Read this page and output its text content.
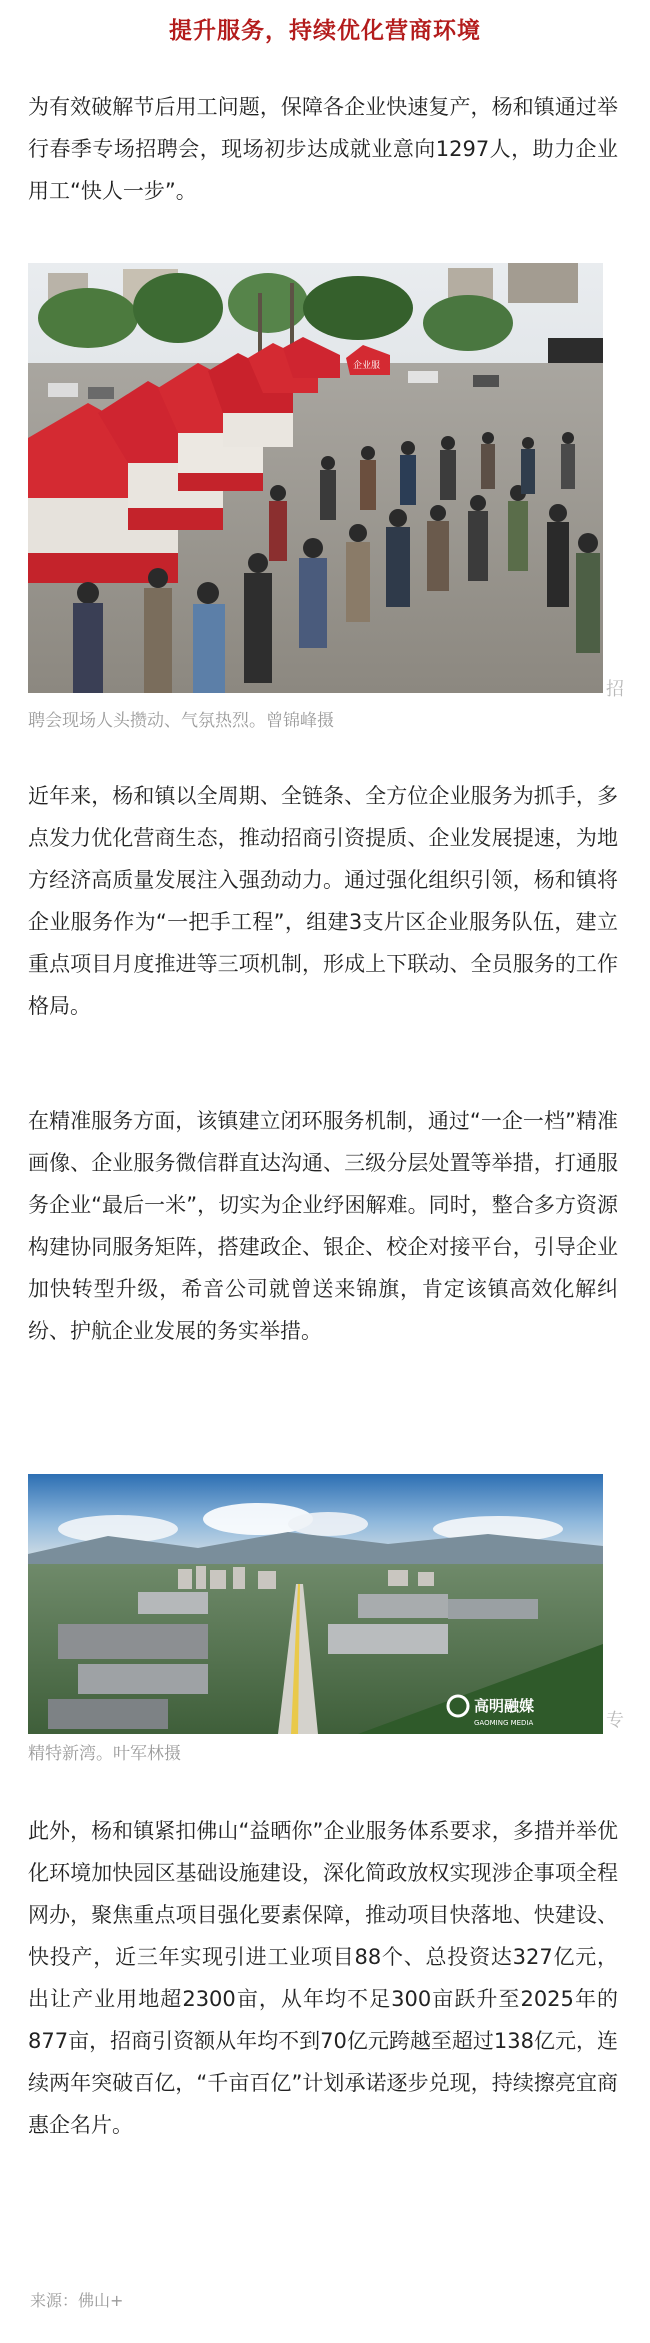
提升服务，持续优化营商环境

为有效破解节后用工问题，保障各企业快速复产，杨和镇通过举行春季专场招聘会，现场初步达成就业意向1297人，助力企业用工“快人一步”。

企业服
招
聘会现场人头攒动、气氛热烈。曾锦峰摄

近年来，杨和镇以全周期、全链条、全方位企业服务为抓手，多点发力优化营商生态，推动招商引资提质、企业发展提速，为地方经济高质量发展注入强劲动力。通过强化组织引领，杨和镇将企业服务作为“一把手工程”，组建3支片区企业服务队伍，建立重点项目月度推进等三项机制，形成上下联动、全员服务的工作格局。

在精准服务方面，该镇建立闭环服务机制，通过“一企一档”精准画像、企业服务微信群直达沟通、三级分层处置等举措，打通服务企业“最后一米”，切实为企业纾困解难。同时，整合多方资源构建协同服务矩阵，搭建政企、银企、校企对接平台，引导企业加快转型升级，希音公司就曾送来锦旗，肯定该镇高效化解纠纷、护航企业发展的务实举措。

高明融媒
GAOMING MEDIA	专
精特新湾。叶军林摄

此外，杨和镇紧扣佛山“益晒你”企业服务体系要求，多措并举优化环境加快园区基础设施建设，深化简政放权实现涉企事项全程网办，聚焦重点项目强化要素保障，推动项目快落地、快建设、快投产，近三年实现引进工业项目88个、总投资达327亿元，出让产业用地超2300亩，从年均不足300亩跃升至2025年的877亩，招商引资额从年均不到70亿元跨越至超过138亿元，连续两年突破百亿，“千亩百亿”计划承诺逐步兑现，持续擦亮宜商惠企名片。

来源：佛山+
